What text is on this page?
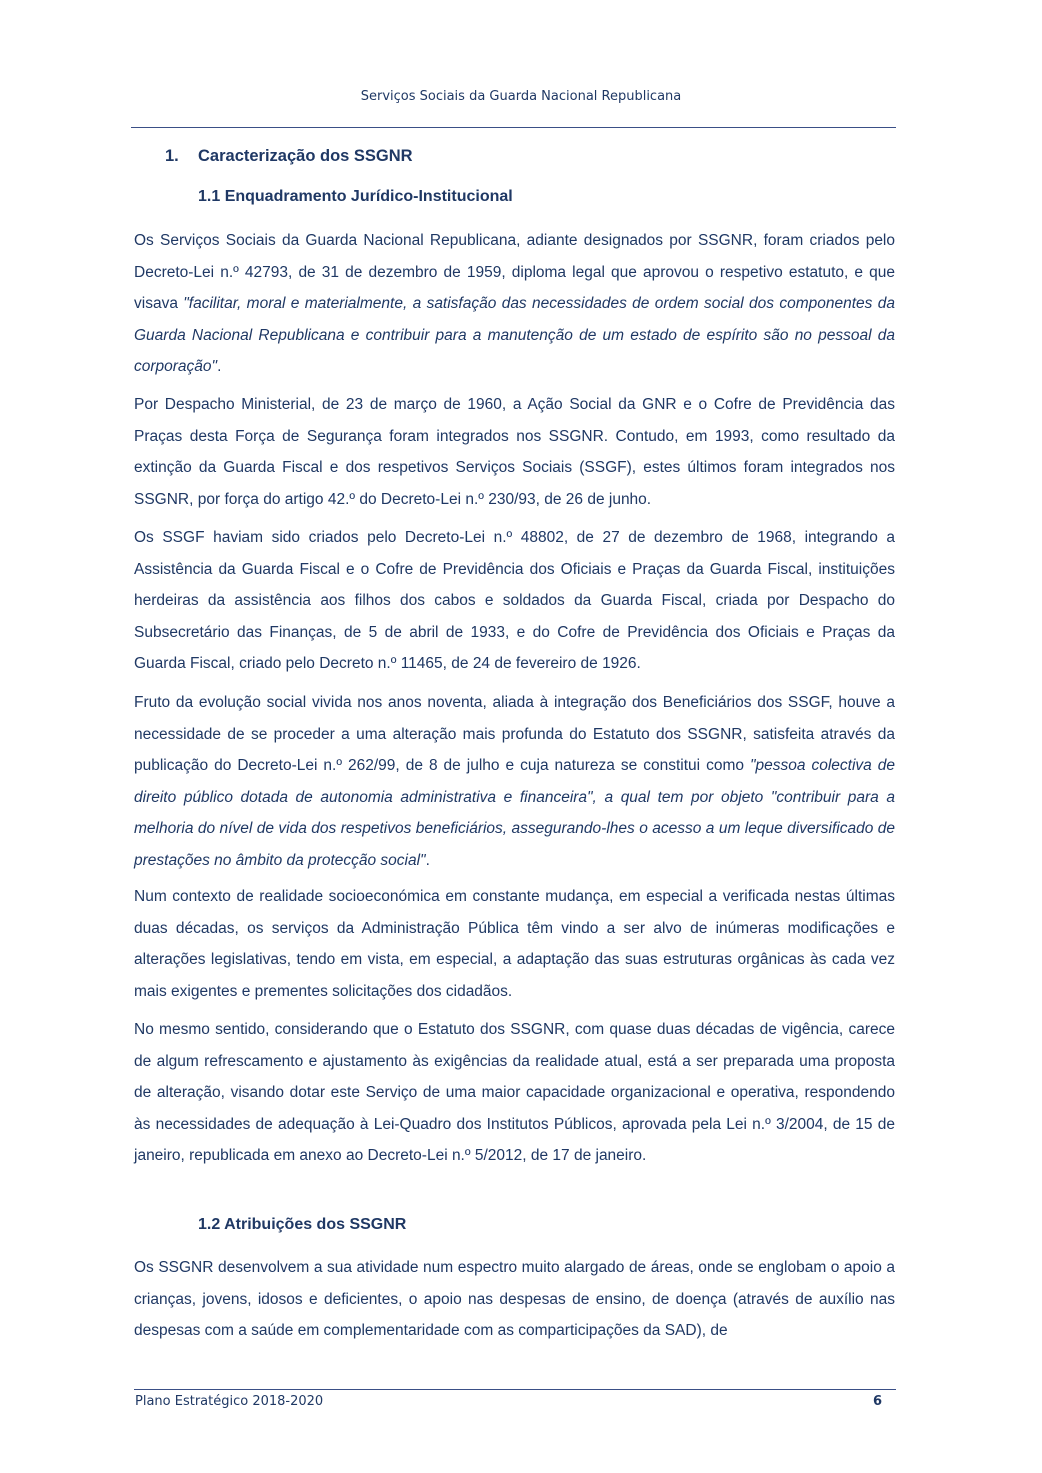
Serviços Sociais da Guarda Nacional Republicana
1. Caracterização dos SSGNR
1.1 Enquadramento Jurídico-Institucional

Os Serviços Sociais da Guarda Nacional Republicana, adiante designados por SSGNR, foram criados pelo Decreto-Lei n.º 42793, de 31 de dezembro de 1959, diploma legal que aprovou o respetivo estatuto, e que visava "facilitar, moral e materialmente, a satisfação das necessidades de ordem social dos componentes da Guarda Nacional Republicana e contribuir para a manutenção de um estado de espírito são no pessoal da corporação".

Por Despacho Ministerial, de 23 de março de 1960, a Ação Social da GNR e o Cofre de Previdência das Praças desta Força de Segurança foram integrados nos SSGNR. Contudo, em 1993, como resultado da extinção da Guarda Fiscal e dos respetivos Serviços Sociais (SSGF), estes últimos foram integrados nos SSGNR, por força do artigo 42.º do Decreto-Lei n.º 230/93, de 26 de junho.

Os SSGF haviam sido criados pelo Decreto-Lei n.º 48802, de 27 de dezembro de 1968, integrando a Assistência da Guarda Fiscal e o Cofre de Previdência dos Oficiais e Praças da Guarda Fiscal, instituições herdeiras da assistência aos filhos dos cabos e soldados da Guarda Fiscal, criada por Despacho do Subsecretário das Finanças, de 5 de abril de 1933, e do Cofre de Previdência dos Oficiais e Praças da Guarda Fiscal, criado pelo Decreto n.º 11465, de 24 de fevereiro de 1926.

Fruto da evolução social vivida nos anos noventa, aliada à integração dos Beneficiários dos SSGF, houve a necessidade de se proceder a uma alteração mais profunda do Estatuto dos SSGNR, satisfeita através da publicação do Decreto-Lei n.º 262/99, de 8 de julho e cuja natureza se constitui como "pessoa colectiva de direito público dotada de autonomia administrativa e financeira", a qual tem por objeto "contribuir para a melhoria do nível de vida dos respetivos beneficiários, assegurando-lhes o acesso a um leque diversificado de prestações no âmbito da protecção social".

Num contexto de realidade socioeconómica em constante mudança, em especial a verificada nestas últimas duas décadas, os serviços da Administração Pública têm vindo a ser alvo de inúmeras modificações e alterações legislativas, tendo em vista, em especial, a adaptação das suas estruturas orgânicas às cada vez mais exigentes e prementes solicitações dos cidadãos.

No mesmo sentido, considerando que o Estatuto dos SSGNR, com quase duas décadas de vigência, carece de algum refrescamento e ajustamento às exigências da realidade atual, está a ser preparada uma proposta de alteração, visando dotar este Serviço de uma maior capacidade organizacional e operativa, respondendo às necessidades de adequação à Lei-Quadro dos Institutos Públicos, aprovada pela Lei n.º 3/2004, de 15 de janeiro, republicada em anexo ao Decreto-Lei n.º 5/2012, de 17 de janeiro.

1.2 Atribuições dos SSGNR

Os SSGNR desenvolvem a sua atividade num espectro muito alargado de áreas, onde se englobam o apoio a crianças, jovens, idosos e deficientes, o apoio nas despesas de ensino, de doença (através de auxílio nas despesas com a saúde em complementaridade com as comparticipações da SAD), de

Plano Estratégico 2018-2020	6
